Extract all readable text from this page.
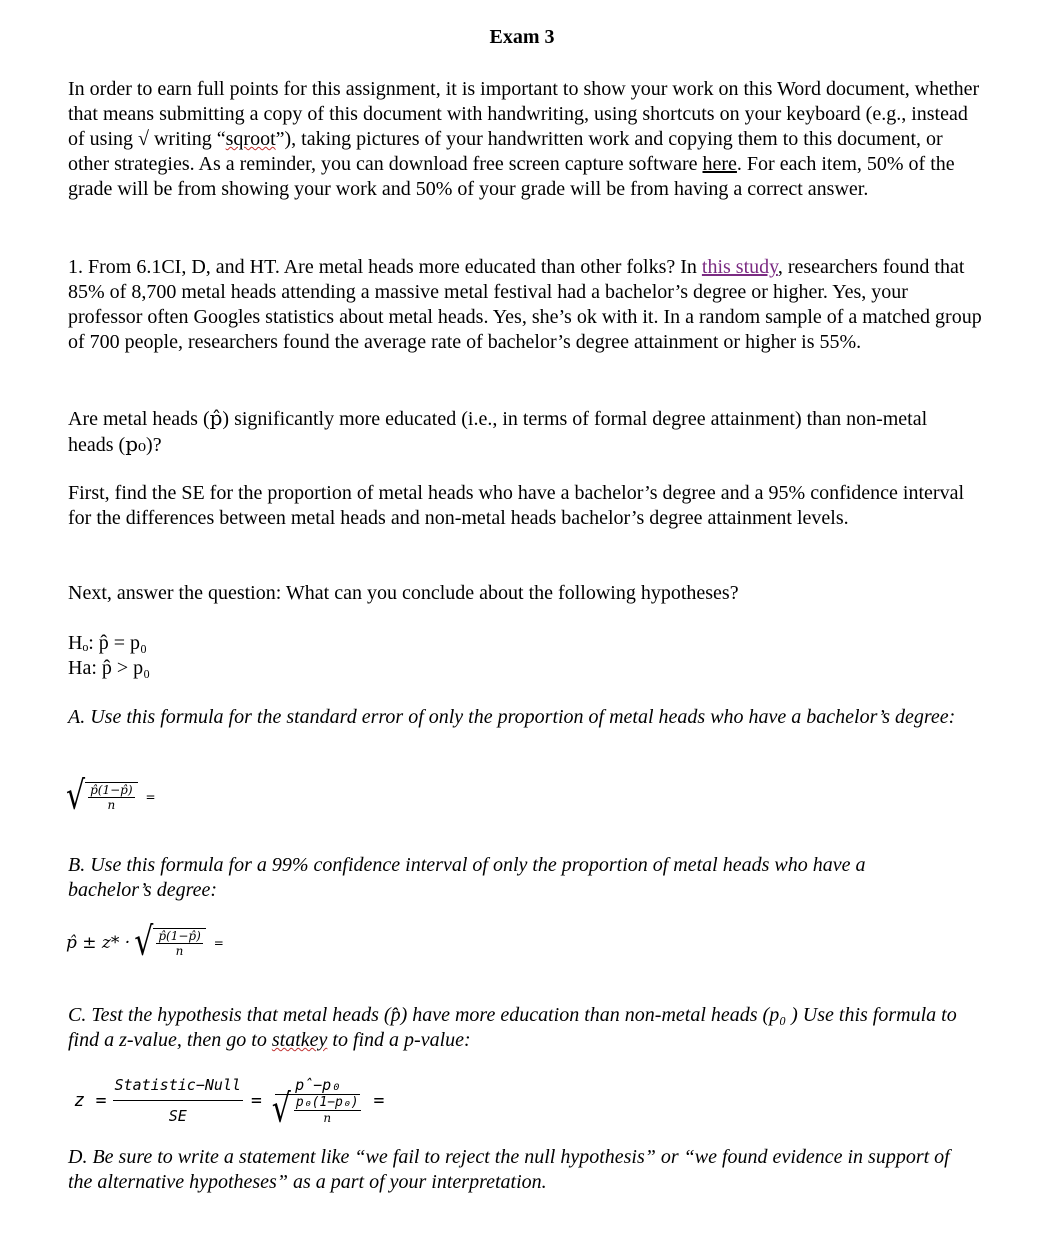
Exam 3

In order to earn full points for this assignment, it is important to show your work on this Word document, whether that means submitting a copy of this document with handwriting, using shortcuts on your keyboard (e.g., instead of using √ writing “sqroot”), taking pictures of your handwritten work and copying them to this document, or other strategies. As a reminder, you can download free screen capture software here. For each item, 50% of the grade will be from showing your work and 50% of your grade will be from having a correct answer.

1. From 6.1CI, D, and HT. Are metal heads more educated than other folks? In this study, researchers found that 85% of 8,700 metal heads attending a massive metal festival had a bachelor’s degree or higher. Yes, your professor often Googles statistics about metal heads. Yes, she’s ok with it. In a random sample of a matched group of 700 people, researchers found the average rate of bachelor’s degree attainment or higher is 55%.

Are metal heads (p̂) significantly more educated (i.e., in terms of formal degree attainment) than non-metal heads (p₀)?

First, find the SE for the proportion of metal heads who have a bachelor’s degree and a 95% confidence interval for the differences between metal heads and non-metal heads bachelor’s degree attainment levels.

Next, answer the question: What can you conclude about the following hypotheses?

Hₒ: p̂ = p₀

Ha: p̂ > p₀

A. Use this formula for the standard error of only the proportion of metal heads who have a bachelor’s degree:

√ $\frac{p̂(1-p̂)}{n}$ =

B. Use this formula for a 99% confidence interval of only the proportion of metal heads who have a bachelor’s degree:

p̂ ± z* · √ $\frac{p̂(1-p̂)}{n}$ =

C. Test the hypothesis that metal heads (p̂) have more education than non-metal heads (p₀ ) Use this formula to find a z-value, then go to statkey to find a p-value:

$z = \frac{\text{Statistic−Null}}{SE} = \frac{\text{p̂−p₀}}{√ \frac{\text{p₀(1−p₀)}}{n}}$ =

D. Be sure to write a statement like “we fail to reject the null hypothesis” or “we found evidence in support of the alternative hypotheses” as a part of your interpretation.
